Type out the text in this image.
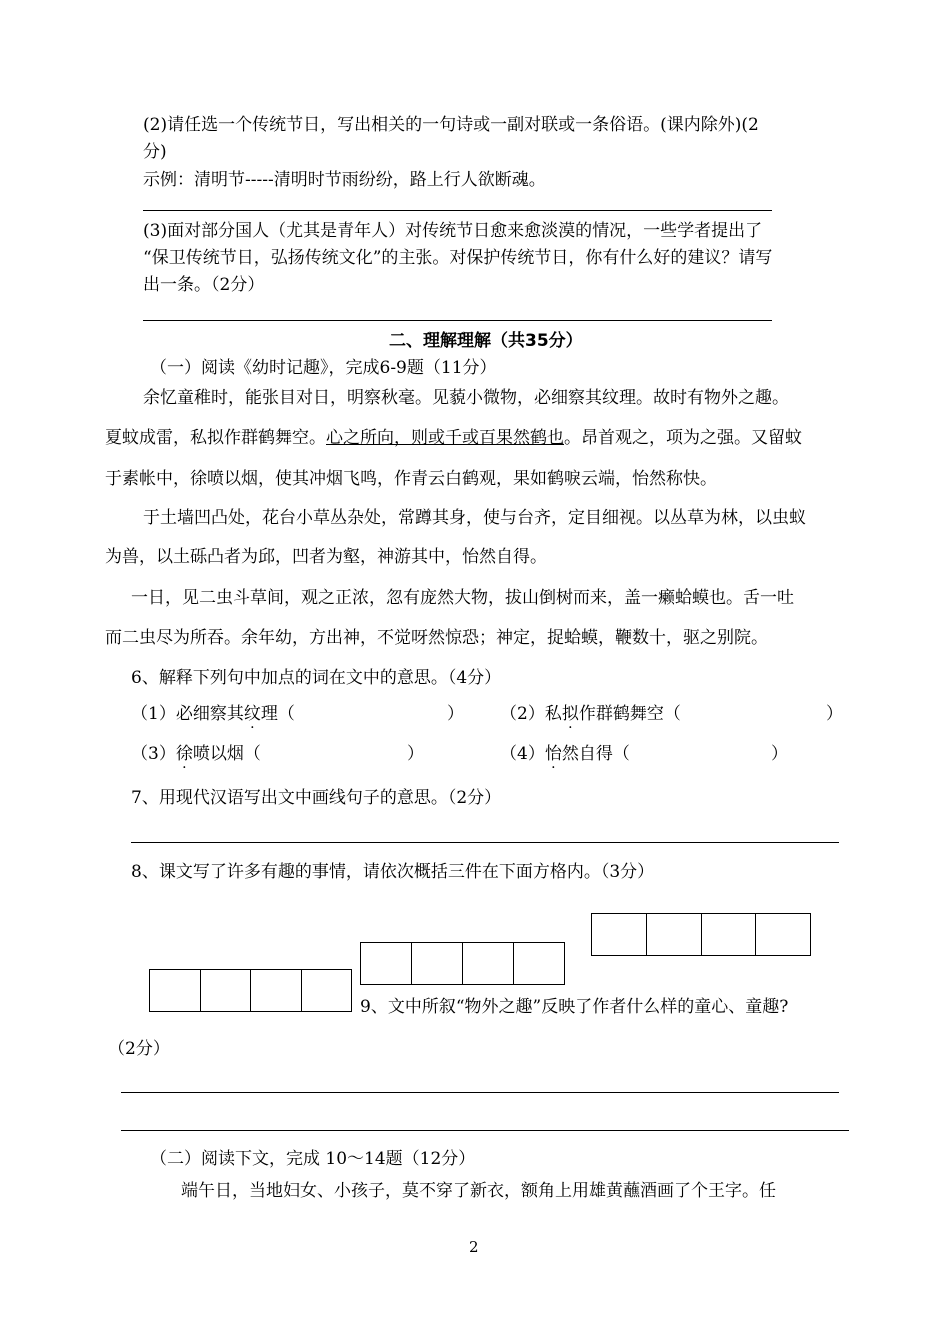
(2)请任选一个传统节日，写出相关的一句诗或一副对联或一条俗语。(课内除外)(2
分)
示例：清明节-----清明时节雨纷纷，路上行人欲断魂。
(3)面对部分国人（尤其是青年人）对传统节日愈来愈淡漠的情况，一些学者提出了
“保卫传统节日，弘扬传统文化”的主张。对保护传统节日，你有什么好的建议？请写
出一条。（2分）
二、理解理解（共35分）
（一）阅读《幼时记趣》，完成6-9题（11分）
余忆童稚时，能张目对日，明察秋毫。见藐小微物，必细察其纹理。故时有物外之趣。
夏蚊成雷，私拟作群鹤舞空。心之所向，则或千或百果然鹤也。昂首观之，项为之强。又留蚊
于素帐中，徐喷以烟，使其冲烟飞鸣，作青云白鹤观，果如鹤唳云端，怡然称快。
于土墙凹凸处，花台小草丛杂处，常蹲其身，使与台齐，定目细视。以丛草为林，以虫蚁
为兽，以土砾凸者为邱，凹者为壑，神游其中，怡然自得。
一日，见二虫斗草间，观之正浓，忽有庞然大物，拔山倒树而来，盖一癞蛤蟆也。舌一吐
而二虫尽为所吞。余年幼，方出神，不觉呀然惊恐；神定，捉蛤蟆，鞭数十，驱之别院。
6、解释下列句中加点的词在文中的意思。（4分）
（1）必细察其纹理（	） （2）私拟作群鹤舞空（	）
（3）徐喷以烟（	）	（4）怡然自得（	）
7、用现代汉语写出文中画线句子的意思。（2分）
8、课文写了许多有趣的事情，请依次概括三件在下面方格内。（3分）
9、文中所叙“物外之趣”反映了作者什么样的童心、童趣?
（2分）
（二）阅读下文，完成 10～14题（12分）
端午日，当地妇女、小孩子，莫不穿了新衣，额角上用雄黄蘸酒画了个王字。任
2
